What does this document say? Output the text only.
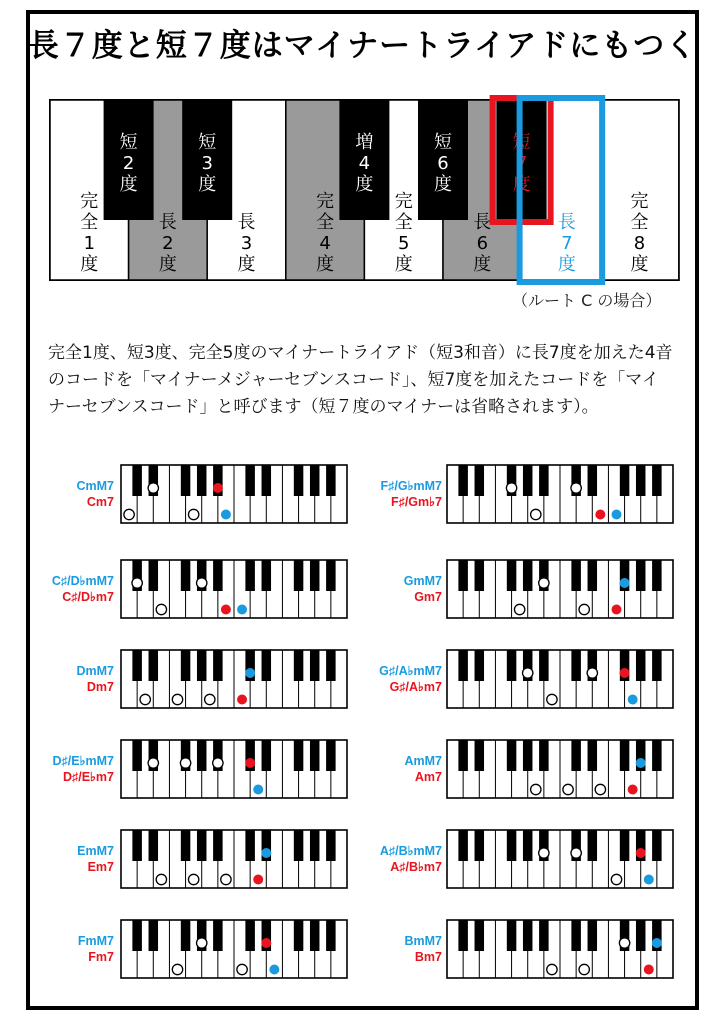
長７度と短７度はマイナートライアドにもつく
完全 1 度
長 2 度
長 3 度
完全 4 度
完全 5 度
長 6 度
長 7 度
完全 8 度
短 2 度
短 3 度
増 4 度
短 6 度
短 7 度
（ルート C の場合）

完全1度、短3度、完全5度のマイナートライアド（短3和音）に長7度を加えた4音

のコードを「マイナーメジャーセブンスコード」、短7度を加えたコードを「マイ

ナーセブンスコード」と呼びます（短７度のマイナーは省略されます）。

CmM7
Cm7
C♯/D♭mM7
C♯/D♭m7
DmM7
Dm7
D♯/E♭mM7
D♯/E♭m7
EmM7
Em7
FmM7
Fm7
F♯/G♭mM7
F♯/Gm♭7
GmM7
Gm7
G♯/A♭mM7
G♯/A♭m7
AmM7
Am7
A♯/B♭mM7
A♯/B♭m7
BmM7
Bm7
